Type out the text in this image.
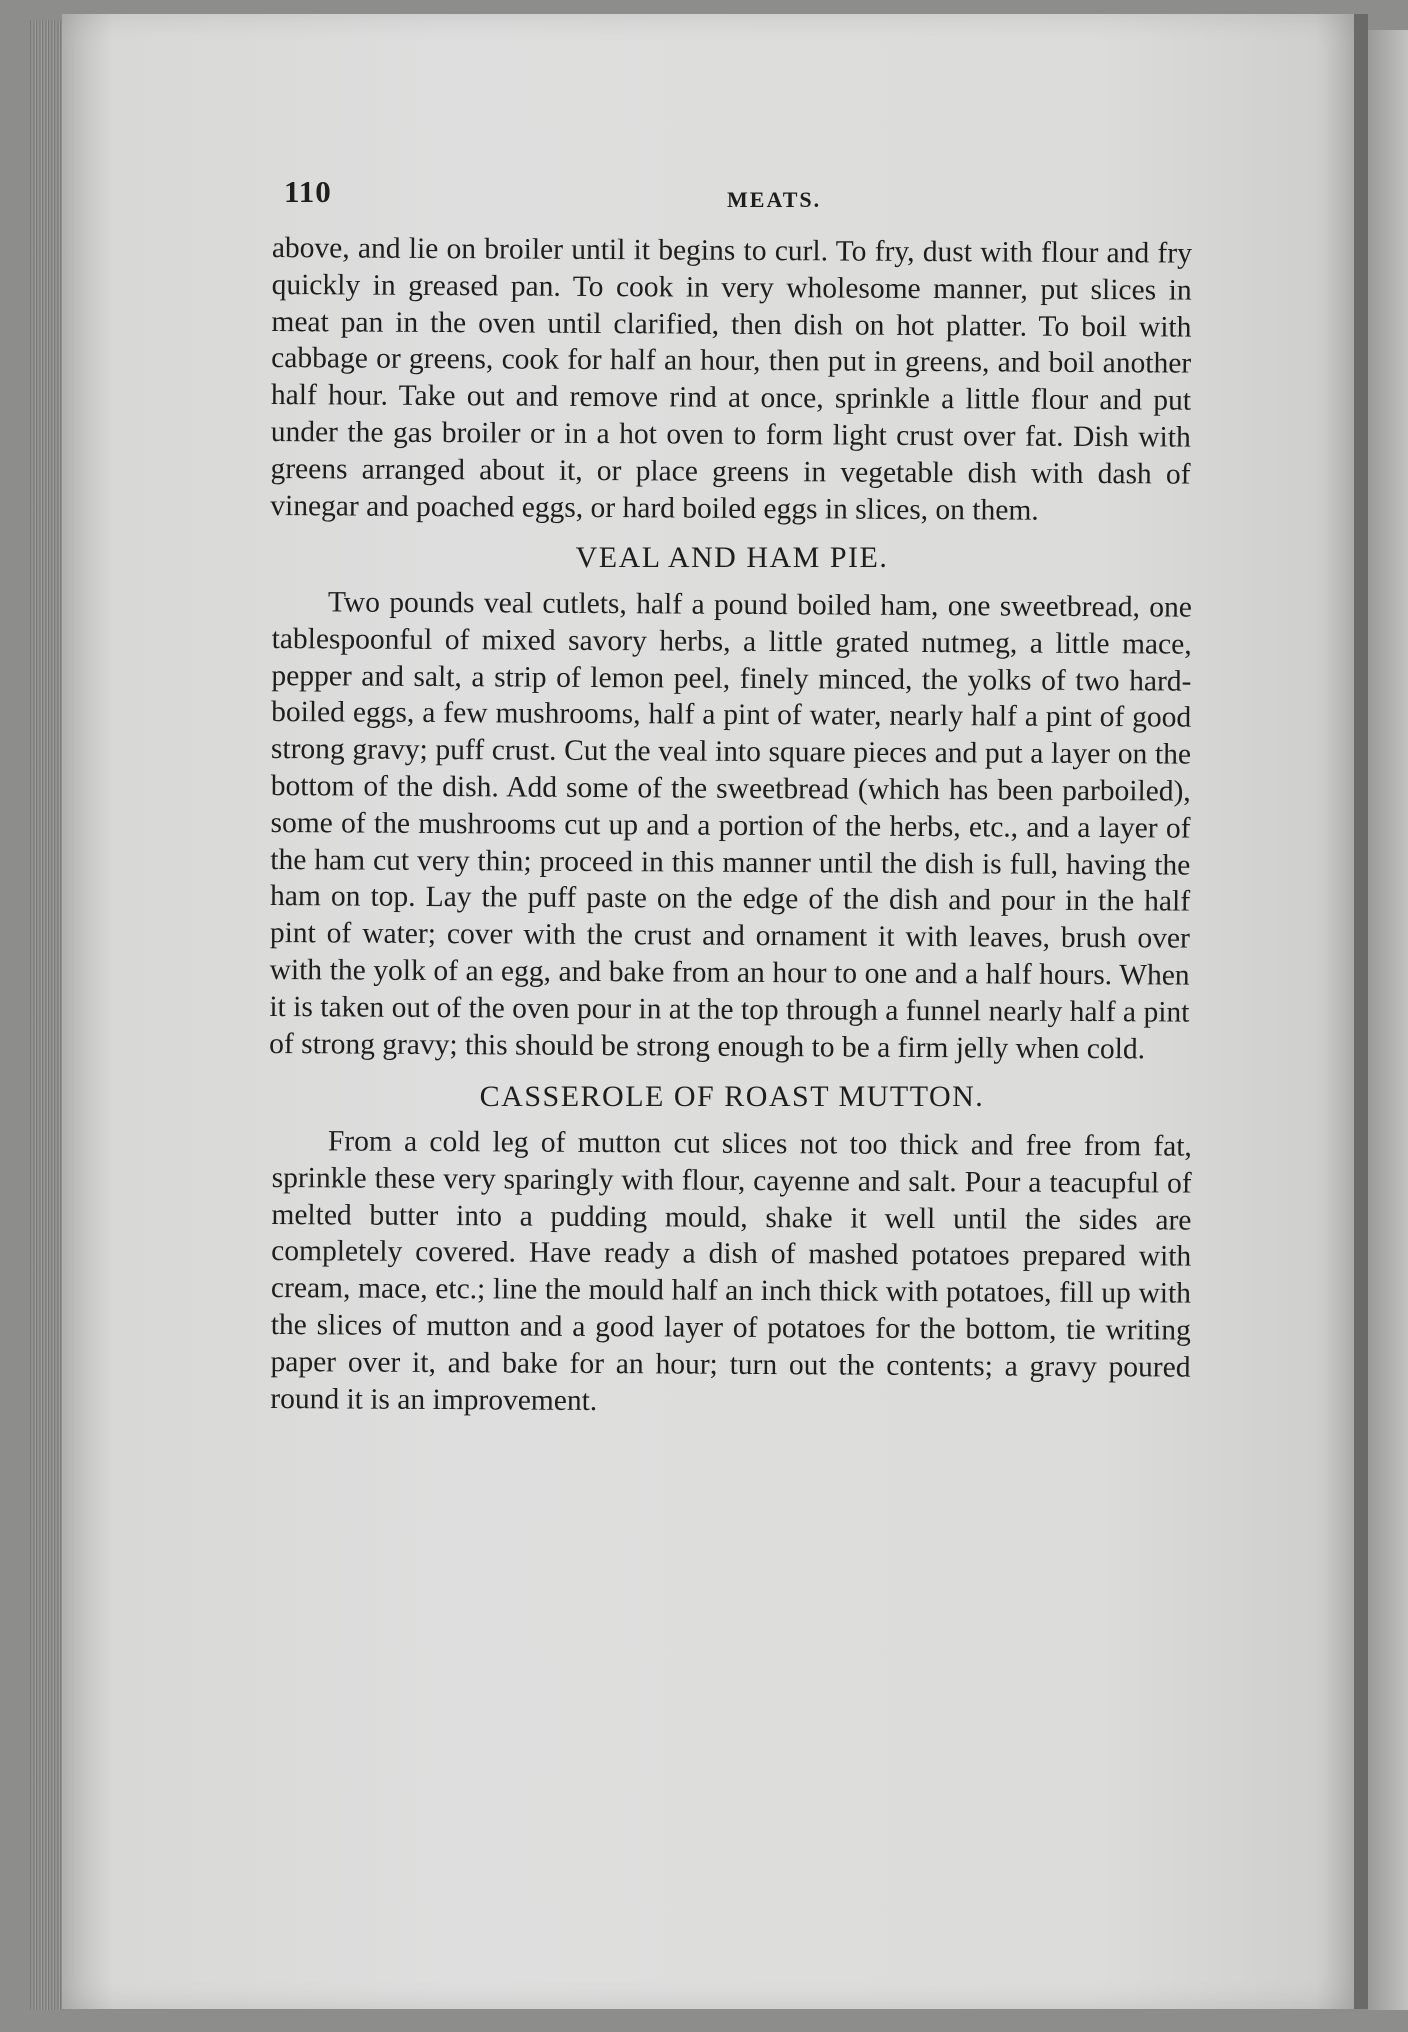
110	MEATS.

above, and lie on broiler until it begins to curl. To fry, dust with flour and fry quickly in greased pan. To cook in very wholesome manner, put slices in meat pan in the oven until clarified, then dish on hot platter. To boil with cabbage or greens, cook for half an hour, then put in greens, and boil another half hour. Take out and remove rind at once, sprinkle a little flour and put under the gas broiler or in a hot oven to form light crust over fat. Dish with greens arranged about it, or place greens in vegetable dish with dash of vinegar and poached eggs, or hard boiled eggs in slices, on them.

VEAL AND HAM PIE.

Two pounds veal cutlets, half a pound boiled ham, one sweetbread, one tablespoonful of mixed savory herbs, a little grated nutmeg, a little mace, pepper and salt, a strip of lemon peel, finely minced, the yolks of two hard-boiled eggs, a few mushrooms, half a pint of water, nearly half a pint of good strong gravy; puff crust. Cut the veal into square pieces and put a layer on the bottom of the dish. Add some of the sweetbread (which has been parboiled), some of the mushrooms cut up and a portion of the herbs, etc., and a layer of the ham cut very thin; proceed in this manner until the dish is full, having the ham on top. Lay the puff paste on the edge of the dish and pour in the half pint of water; cover with the crust and ornament it with leaves, brush over with the yolk of an egg, and bake from an hour to one and a half hours. When it is taken out of the oven pour in at the top through a funnel nearly half a pint of strong gravy; this should be strong enough to be a firm jelly when cold.

CASSEROLE OF ROAST MUTTON.

From a cold leg of mutton cut slices not too thick and free from fat, sprinkle these very sparingly with flour, cayenne and salt. Pour a teacupful of melted butter into a pudding mould, shake it well until the sides are completely covered. Have ready a dish of mashed potatoes prepared with cream, mace, etc.; line the mould half an inch thick with potatoes, fill up with the slices of mutton and a good layer of potatoes for the bottom, tie writing paper over it, and bake for an hour; turn out the contents; a gravy poured round it is an improvement.
